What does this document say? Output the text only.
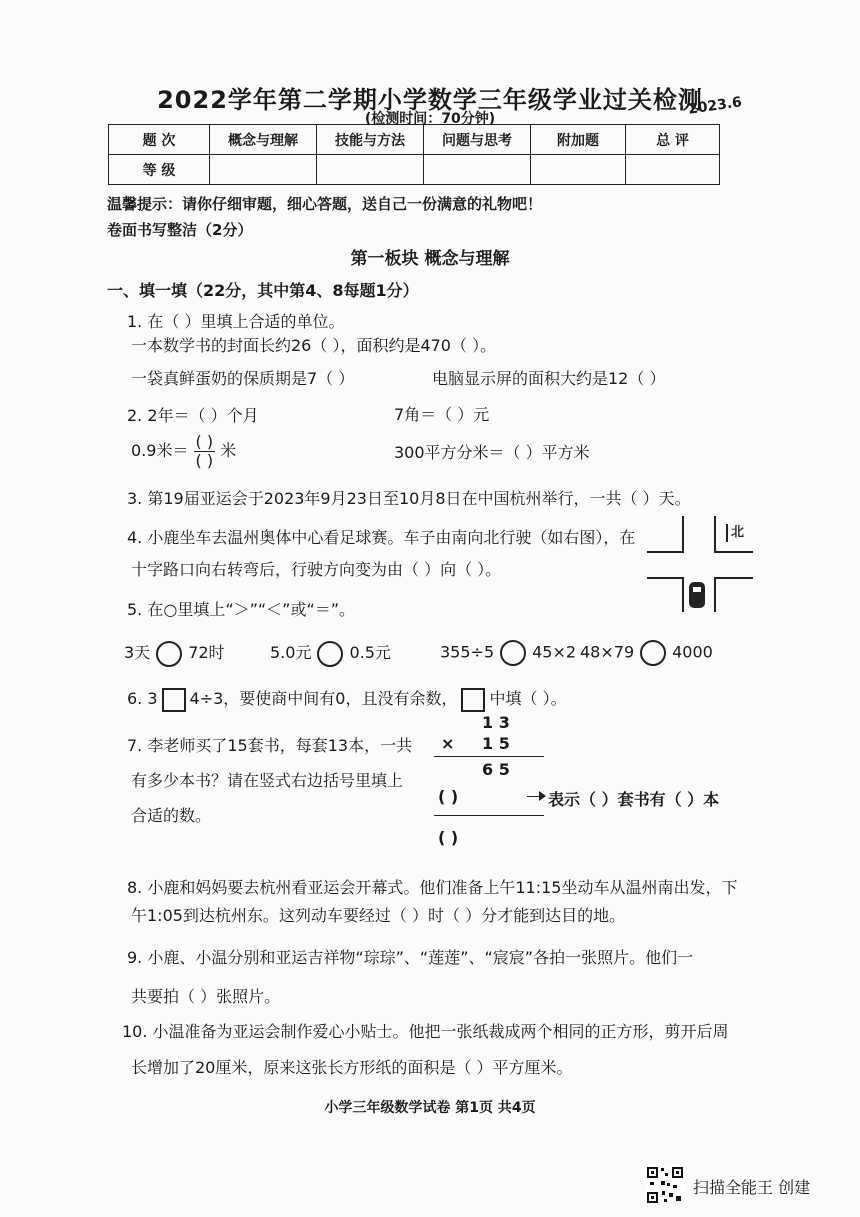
2022学年第二学期小学数学三年级学业过关检测
(检测时间：70分钟)
2023.6
题 次	概念与理解	技能与方法	问题与思考	附加题	总 评
等 级					
温馨提示：请你仔细审题，细心答题，送自己一份满意的礼物吧！
卷面书写整洁（2分）
第一板块 概念与理解
一、填一填（22分，其中第4、8每题1分）
1. 在（ ）里填上合适的单位。
一本数学书的封面长约26（ ），面积约是470（ ）。
一袋真鲜蛋奶的保质期是7（ ）	电脑显示屏的面积大约是12（ ）
2. 2年＝（ ）个月	7角＝（ ）元
0.9米＝ $\frac{( )}{( )}$ 米	300平方分米＝（ ）平方米
3. 第19届亚运会于2023年9月23日至10月8日在中国杭州举行，一共（ ）天。
4. 小鹿坐车去温州奥体中心看足球赛。车子由南向北行驶（如右图），在
十字路口向右转弯后，行驶方向变为由（ ）向（ ）。
北
5. 在○里填上“＞”“＜”或“＝”。
3天 72时	5.0元 0.5元	355÷5 45×2 48×79 4000
6. 3 4÷3，要使商中间有0，且没有余数， 中填（ ）。
7. 李老师买了15套书，每套13本，一共
有多少本书？请在竖式右边括号里填上
合适的数。
1 3
× 1 5
6 5
( )	表示（ ）套书有（ ）本
( )
8. 小鹿和妈妈要去杭州看亚运会开幕式。他们准备上午11:15坐动车从温州南出发，下
午1:05到达杭州东。这列动车要经过（ ）时（ ）分才能到达目的地。
9. 小鹿、小温分别和亚运吉祥物“琮琮”、“莲莲”、“宸宸”各拍一张照片。他们一
共要拍（ ）张照片。
10. 小温准备为亚运会制作爱心小贴士。他把一张纸裁成两个相同的正方形，剪开后周
长增加了20厘米，原来这张长方形纸的面积是（ ）平方厘米。
小学三年级数学试卷 第1页 共4页
扫描全能王 创建
